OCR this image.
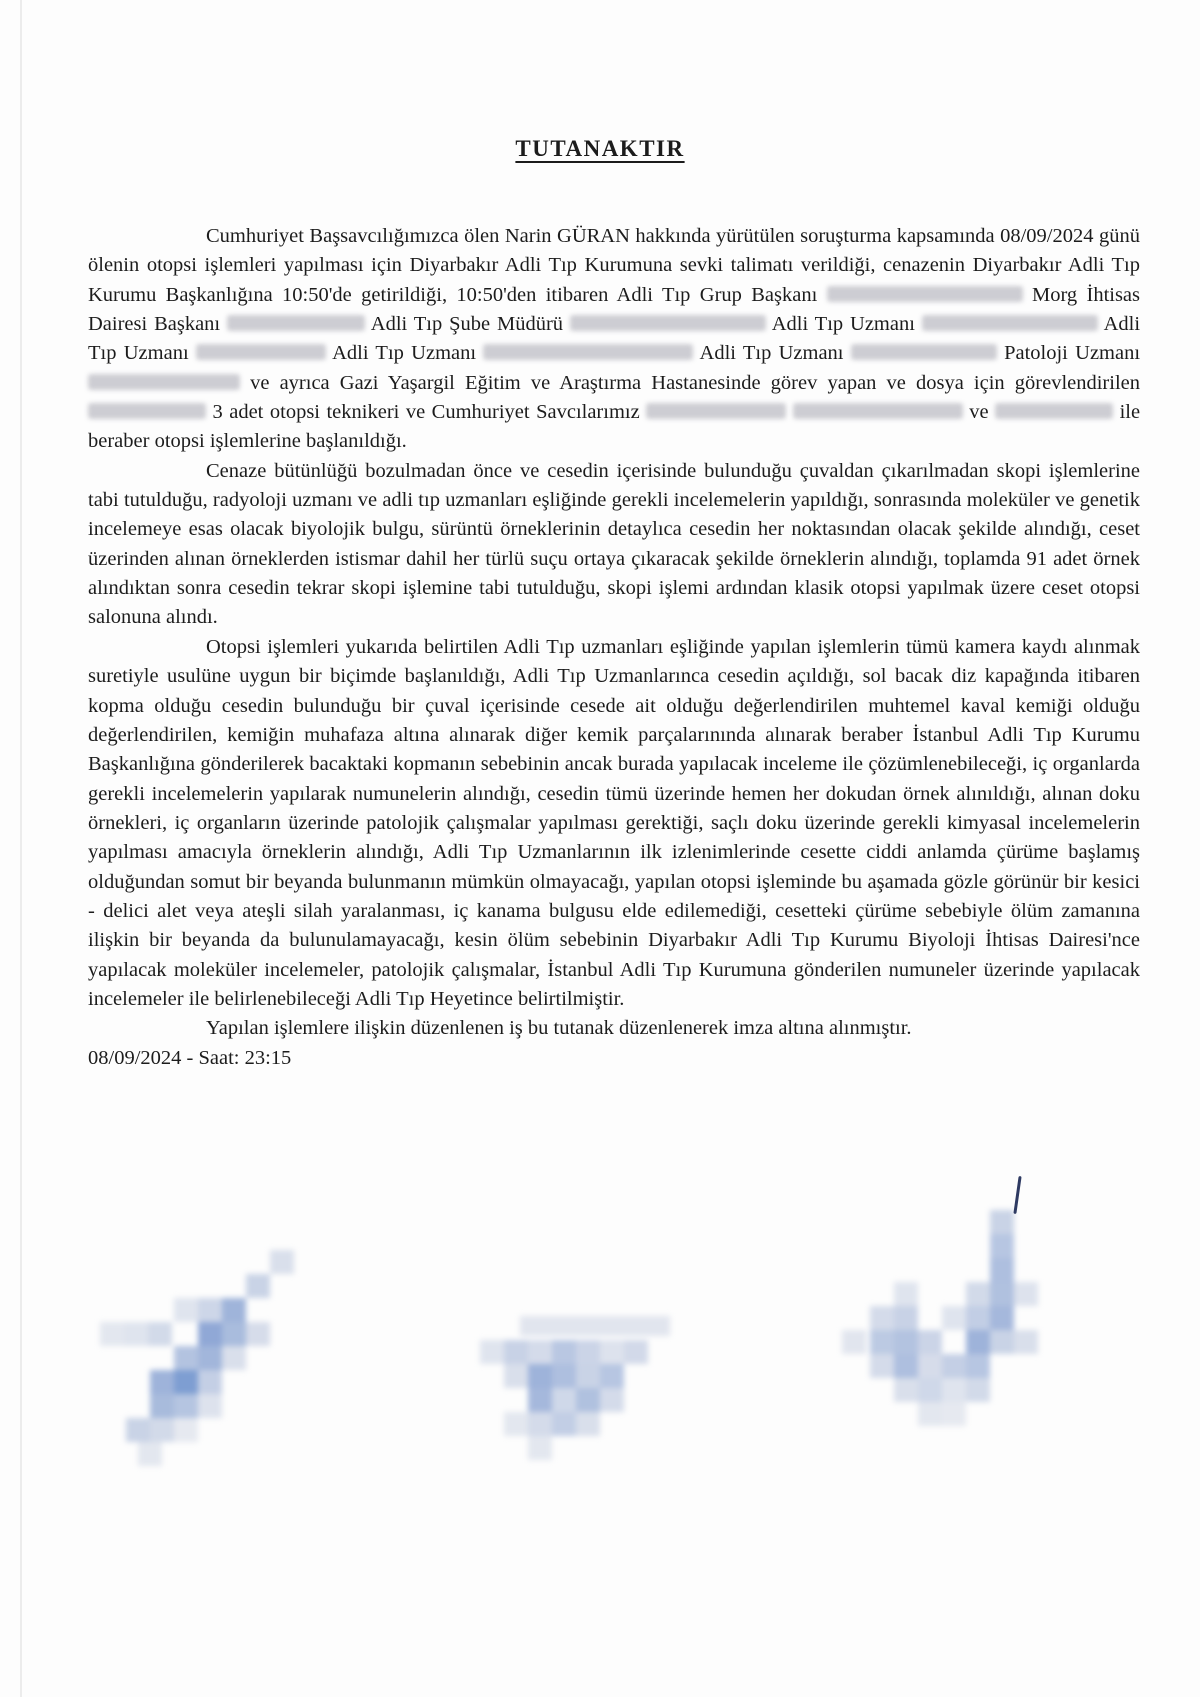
TUTANAKTIR

Cumhuriyet Başsavcılığımızca ölen Narin GÜRAN hakkında yürütülen soruşturma kapsamında 08/09/2024 günü ölenin otopsi işlemleri yapılması için Diyarbakır Adli Tıp Kurumuna sevki talimatı verildiği, cenazenin Diyarbakır Adli Tıp Kurumu Başkanlığına 10:50'de getirildiği, 10:50'den itibaren Adli Tıp Grup Başkanı	Morg İhtisas Dairesi Başkanı	Adli Tıp Şube Müdürü	Adli Tıp Uzmanı	Adli Tıp Uzmanı	Adli Tıp Uzmanı	Adli Tıp Uzmanı	Patoloji Uzmanı  ve ayrıca Gazi Yaşargil Eğitim ve Araştırma Hastanesinde görev yapan ve dosya için görevlendirilen  3 adet otopsi teknikeri ve Cumhuriyet Savcılarımız	ve	ile beraber otopsi işlemlerine başlanıldığı.

Cenaze bütünlüğü bozulmadan önce ve cesedin içerisinde bulunduğu çuvaldan çıkarılmadan skopi işlemlerine tabi tutulduğu, radyoloji uzmanı ve adli tıp uzmanları eşliğinde gerekli incelemelerin yapıldığı, sonrasında moleküler ve genetik incelemeye esas olacak biyolojik bulgu, sürüntü örneklerinin detaylıca cesedin her noktasından olacak şekilde alındığı, ceset üzerinden alınan örneklerden istismar dahil her türlü suçu ortaya çıkaracak şekilde örneklerin alındığı, toplamda 91 adet örnek alındıktan sonra cesedin tekrar skopi işlemine tabi tutulduğu, skopi işlemi ardından klasik otopsi yapılmak üzere ceset otopsi salonuna alındı.

Otopsi işlemleri yukarıda belirtilen Adli Tıp uzmanları eşliğinde yapılan işlemlerin tümü kamera kaydı alınmak suretiyle usulüne uygun bir biçimde başlanıldığı, Adli Tıp Uzmanlarınca cesedin açıldığı, sol bacak diz kapağında itibaren kopma olduğu cesedin bulunduğu bir çuval içerisinde cesede ait olduğu değerlendirilen muhtemel kaval kemiği olduğu değerlendirilen, kemiğin muhafaza altına alınarak diğer kemik parçalarınında alınarak beraber İstanbul Adli Tıp Kurumu Başkanlığına gönderilerek bacaktaki kopmanın sebebinin ancak burada yapılacak inceleme ile çözümlenebileceği, iç organlarda gerekli incelemelerin yapılarak numunelerin alındığı, cesedin tümü üzerinde hemen her dokudan örnek alınıldığı, alınan doku örnekleri, iç organların üzerinde patolojik çalışmalar yapılması gerektiği, saçlı doku üzerinde gerekli kimyasal incelemelerin yapılması amacıyla örneklerin alındığı, Adli Tıp Uzmanlarının ilk izlenimlerinde cesette ciddi anlamda çürüme başlamış olduğundan somut bir beyanda bulunmanın mümkün olmayacağı, yapılan otopsi işleminde bu aşamada gözle görünür bir kesici - delici alet veya ateşli silah yaralanması, iç kanama bulgusu elde edilemediği, cesetteki çürüme sebebiyle ölüm zamanına ilişkin bir beyanda da bulunulamayacağı, kesin ölüm sebebinin Diyarbakır Adli Tıp Kurumu Biyoloji İhtisas Dairesi'nce yapılacak moleküler incelemeler, patolojik çalışmalar, İstanbul Adli Tıp Kurumuna gönderilen numuneler üzerinde yapılacak incelemeler ile belirlenebileceği Adli Tıp Heyetince belirtilmiştir.

Yapılan işlemlere ilişkin düzenlenen iş bu tutanak düzenlenerek imza altına alınmıştır.

08/09/2024 - Saat: 23:15
